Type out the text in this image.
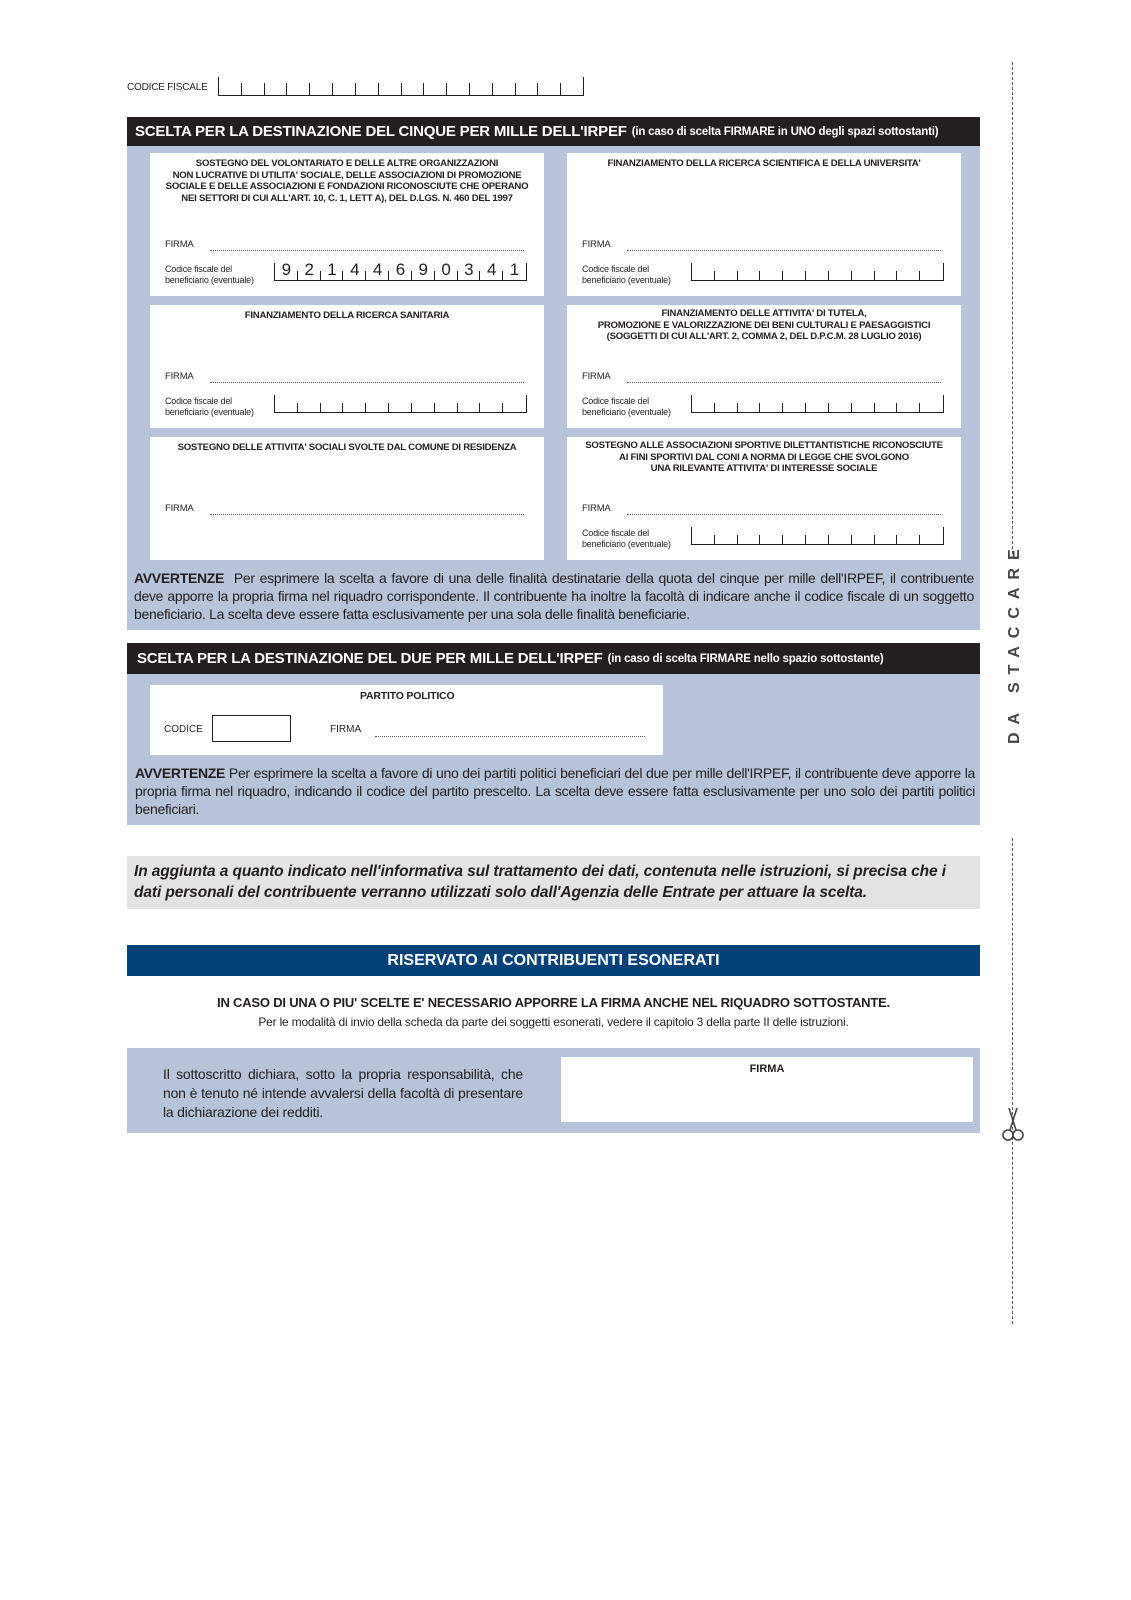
CODICE FISCALE
SCELTA PER LA DESTINAZIONE DEL CINQUE PER MILLE DELL'IRPEF (in caso di scelta FIRMARE in UNO degli spazi sottostanti)
SOSTEGNO DEL VOLONTARIATO E DELLE ALTRE ORGANIZZAZIONI
NON LUCRATIVE DI UTILITA' SOCIALE, DELLE ASSOCIAZIONI DI PROMOZIONE
SOCIALE E DELLE ASSOCIAZIONI E FONDAZIONI RICONOSCIUTE CHE OPERANO
NEI SETTORI DI CUI ALL'ART. 10, C. 1, LETT A), DEL D.LGS. N. 460 DEL 1997
FIRMA
Codice fiscale del
beneficiario (eventuale)
9 2 1 4 4 6 9 0 3 4 1
FINANZIAMENTO DELLA RICERCA SCIENTIFICA E DELLA UNIVERSITA'
FIRMA
Codice fiscale del
beneficiario (eventuale)
FINANZIAMENTO DELLA RICERCA SANITARIA
FIRMA
Codice fiscale del
beneficiario (eventuale)
FINANZIAMENTO DELLE ATTIVITA' DI TUTELA,
PROMOZIONE E VALORIZZAZIONE DEI BENI CULTURALI E PAESAGGISTICI
(SOGGETTI DI CUI ALL'ART. 2, COMMA 2, DEL D.P.C.M. 28 LUGLIO 2016)
FIRMA
Codice fiscale del
beneficiario (eventuale)
SOSTEGNO DELLE ATTIVITA' SOCIALI SVOLTE DAL COMUNE DI RESIDENZA
FIRMA
SOSTEGNO ALLE ASSOCIAZIONI SPORTIVE DILETTANTISTICHE RICONOSCIUTE
AI FINI SPORTIVI DAL CONI A NORMA DI LEGGE CHE SVOLGONO
UNA RILEVANTE ATTIVITA' DI INTERESSE SOCIALE
FIRMA
Codice fiscale del
beneficiario (eventuale)
AVVERTENZE Per esprimere la scelta a favore di una delle finalità destinatarie della quota del cinque per mille dell'IRPEF, il contribuente deve apporre la propria firma nel riquadro corrispondente. Il contribuente ha inoltre la facoltà di indicare anche il codice fiscale di un soggetto beneficiario. La scelta deve essere fatta esclusivamente per una sola delle finalità beneficiarie.
SCELTA PER LA DESTINAZIONE DEL DUE PER MILLE DELL'IRPEF (in caso di scelta FIRMARE nello spazio sottostante)
PARTITO POLITICO
CODICE	FIRMA
AVVERTENZE Per esprimere la scelta a favore di uno dei partiti politici beneficiari del due per mille dell'IRPEF, il contribuente deve apporre la propria firma nel riquadro, indicando il codice del partito prescelto. La scelta deve essere fatta esclusivamente per uno solo dei partiti politici beneficiari.
In aggiunta a quanto indicato nell'informativa sul trattamento dei dati, contenuta nelle istruzioni, si precisa che i dati personali del contribuente verranno utilizzati solo dall'Agenzia delle Entrate per attuare la scelta.
RISERVATO AI CONTRIBUENTI ESONERATI
IN CASO DI UNA O PIU' SCELTE E' NECESSARIO APPORRE LA FIRMA ANCHE NEL RIQUADRO SOTTOSTANTE.
Per le modalità di invio della scheda da parte dei soggetti esonerati, vedere il capitolo 3 della parte II delle istruzioni.
Il sottoscritto dichiara, sotto la propria responsabilità, che non è tenuto né intende avvalersi della facoltà di presentare la dichiarazione dei redditi.
FIRMA
DA STACCARE
